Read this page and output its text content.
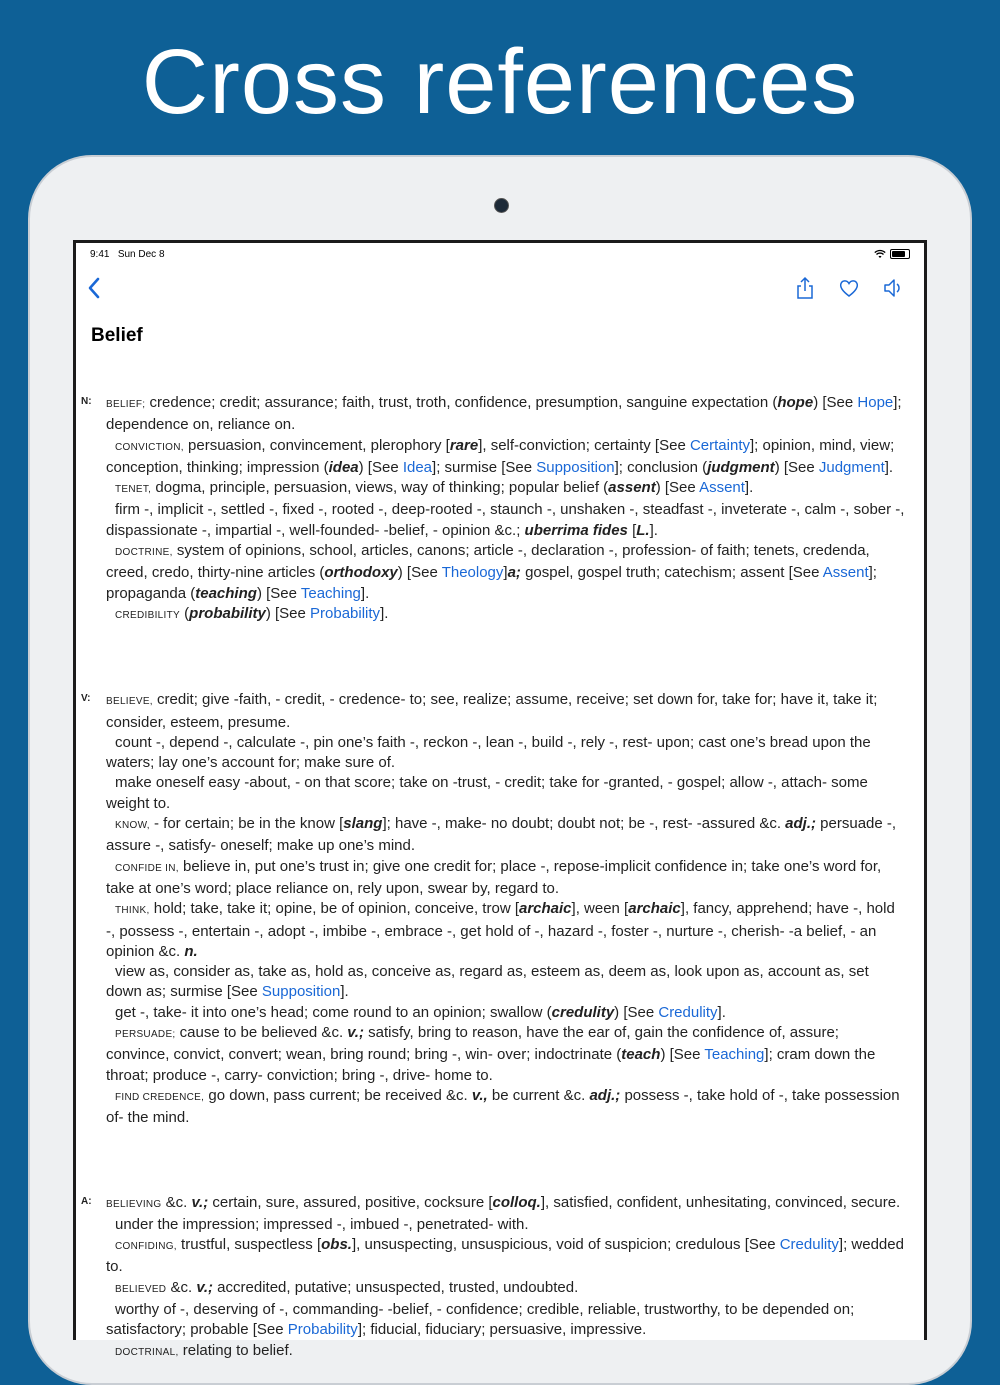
Cross references
9:41 Sun Dec 8
Belief
N: BELIEF; credence; credit; assurance; faith, trust, troth, confidence, presumption, sanguine expectation (hope) [See Hope]; dependence on, reliance on.

CONVICTION, persuasion, convincement, plerophory [rare], self-conviction; certainty [See Certainty]; opinion, mind, view; conception, thinking; impression (idea) [See Idea]; surmise [See Supposition]; conclusion (judgment) [See Judgment].

TENET, dogma, principle, persuasion, views, way of thinking; popular belief (assent) [See Assent].

firm -, implicit -, settled -, fixed -, rooted -, deep-rooted -, staunch -, unshaken -, steadfast -, inveterate -, calm -, sober -, dispassionate -, impartial -, well-founded- -belief, - opinion &c.; uberrima fides [L.].

DOCTRINE, system of opinions, school, articles, canons; article -, declaration -, profession- of faith; tenets, credenda, creed, credo, thirty-nine articles (orthodoxy) [See Theology]a; gospel, gospel truth; catechism; assent [See Assent]; propaganda (teaching) [See Teaching].

CREDIBILITY (probability) [See Probability].

V: BELIEVE, credit; give -faith, - credit, - credence- to; see, realize; assume, receive; set down for, take for; have it, take it; consider, esteem, presume.

count -, depend -, calculate -, pin one’s faith -, reckon -, lean -, build -, rely -, rest- upon; cast one’s bread upon the waters; lay one’s account for; make sure of.

make oneself easy -about, - on that score; take on -trust, - credit; take for -granted, - gospel; allow -, attach- some weight to.

KNOW, - for certain; be in the know [slang]; have -, make- no doubt; doubt not; be -, rest- -assured &c. adj.; persuade -, assure -, satisfy- oneself; make up one’s mind.

CONFIDE IN, believe in, put one’s trust in; give one credit for; place -, repose-implicit confidence in; take one’s word for, take at one’s word; place reliance on, rely upon, swear by, regard to.

THINK, hold; take, take it; opine, be of opinion, conceive, trow [archaic], ween [archaic], fancy, apprehend; have -, hold -, possess -, entertain -, adopt -, imbibe -, embrace -, get hold of -, hazard -, foster -, nurture -, cherish- -a belief, - an opinion &c. n.

view as, consider as, take as, hold as, conceive as, regard as, esteem as, deem as, look upon as, account as, set down as; surmise [See Supposition].

get -, take- it into one’s head; come round to an opinion; swallow (credulity) [See Credulity].

PERSUADE; cause to be believed &c. v.; satisfy, bring to reason, have the ear of, gain the confidence of, assure; convince, convict, convert; wean, bring round; bring -, win- over; indoctrinate (teach) [See Teaching]; cram down the throat; produce -, carry- conviction; bring -, drive- home to.

FIND CREDENCE, go down, pass current; be received &c. v., be current &c. adj.; possess -, take hold of -, take possession of- the mind.

A: BELIEVING &c. v.; certain, sure, assured, positive, cocksure [colloq.], satisfied, confident, unhesitating, convinced, secure.

under the impression; impressed -, imbued -, penetrated- with.

CONFIDING, trustful, suspectless [obs.], unsuspecting, unsuspicious, void of suspicion; credulous [See Credulity]; wedded to.

BELIEVED &c. v.; accredited, putative; unsuspected, trusted, undoubted.

worthy of -, deserving of -, commanding- -belief, - confidence; credible, reliable, trustworthy, to be depended on; satisfactory; probable [See Probability]; fiducial, fiduciary; persuasive, impressive.

DOCTRINAL, relating to belief.
